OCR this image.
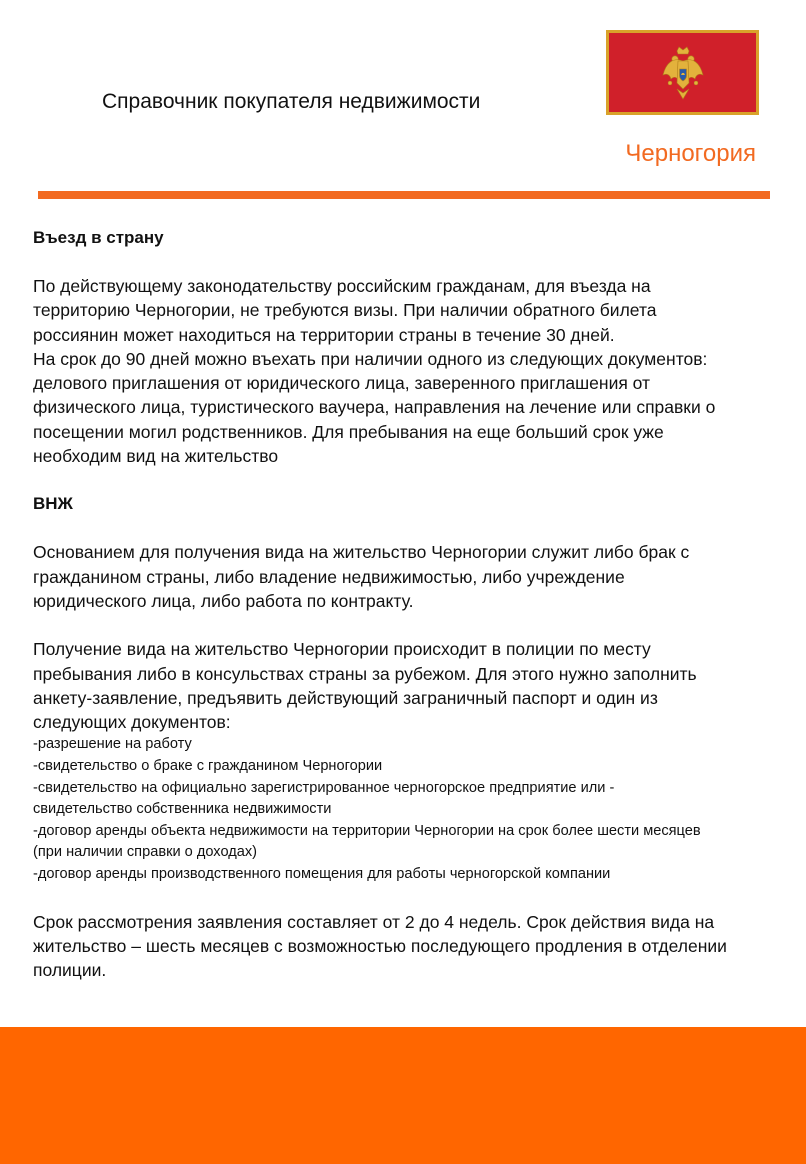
Справочник покупателя недвижимости
Черногория
Въезд в страну
По действующему законодательству российским гражданам, для въезда на
территорию Черногории, не требуются визы. При наличии обратного билета
россиянин может находиться на территории страны в течение 30 дней.
На срок до 90 дней можно въехать при наличии одного из следующих документов:
делового приглашения от юридического лица, заверенного приглашения от
физического лица, туристического ваучера, направления на лечение или справки о
посещении могил родственников. Для пребывания на еще больший срок уже
необходим вид на жительство
ВНЖ
Основанием для получения вида на жительство Черногории служит либо брак с
гражданином страны, либо владение недвижимостью, либо учреждение
юридического лица, либо работа по контракту.
Получение вида на жительство Черногории происходит в полиции по месту
пребывания либо в консульствах страны за рубежом. Для этого нужно заполнить
анкету-заявление, предъявить действующий заграничный паспорт и один из
следующих документов:
-разрешение на работу
-свидетельство о браке с гражданином Черногории
-свидетельство на официально зарегистрированное черногорское предприятие или -
свидетельство собственника недвижимости
-договор аренды объекта недвижимости на территории Черногории на срок более шести месяцев
(при наличии справки о доходах)
-договор аренды производственного помещения для работы черногорской компании
Срок рассмотрения заявления составляет от 2 до 4 недель. Срок действия вида на
жительство – шесть месяцев с возможностью последующего продления в отделении
полиции.
